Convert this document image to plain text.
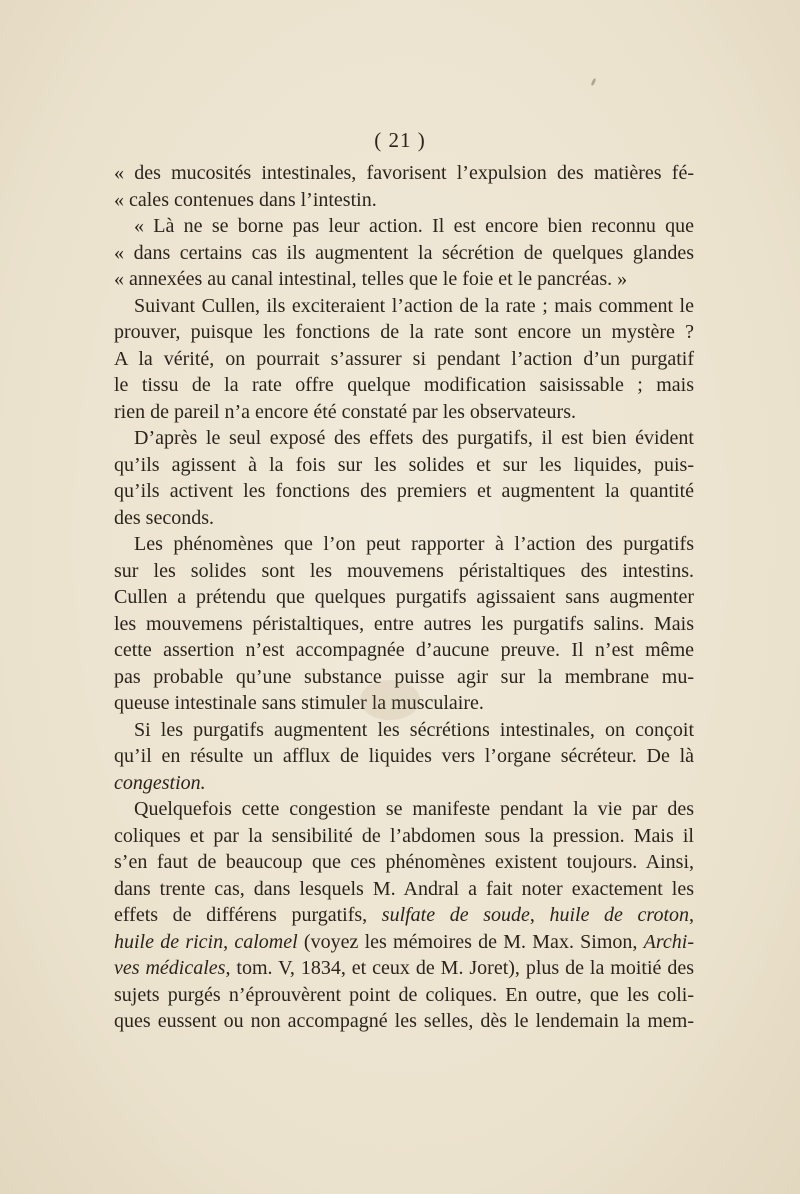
( 21 )
« des mucosités intestinales, favorisent l’expulsion des matières fé-
« cales contenues dans l’intestin.
« Là ne se borne pas leur action. Il est encore bien reconnu que
« dans certains cas ils augmentent la sécrétion de quelques glandes
« annexées au canal intestinal, telles que le foie et le pancréas. »
Suivant Cullen, ils exciteraient l’action de la rate ; mais comment le
prouver, puisque les fonctions de la rate sont encore un mystère ?
A la vérité, on pourrait s’assurer si pendant l’action d’un purgatif
le tissu de la rate offre quelque modification saisissable ; mais
rien de pareil n’a encore été constaté par les observateurs.
D’après le seul exposé des effets des purgatifs, il est bien évident
qu’ils agissent à la fois sur les solides et sur les liquides, puis-
qu’ils activent les fonctions des premiers et augmentent la quantité
des seconds.
Les phénomènes que l’on peut rapporter à l’action des purgatifs
sur les solides sont les mouvemens péristaltiques des intestins.
Cullen a prétendu que quelques purgatifs agissaient sans augmenter
les mouvemens péristaltiques, entre autres les purgatifs salins. Mais
cette assertion n’est accompagnée d’aucune preuve. Il n’est même
pas probable qu’une substance puisse agir sur la membrane mu-
queuse intestinale sans stimuler la musculaire.
Si les purgatifs augmentent les sécrétions intestinales, on conçoit
qu’il en résulte un afflux de liquides vers l’organe sécréteur. De là
congestion.
Quelquefois cette congestion se manifeste pendant la vie par des
coliques et par la sensibilité de l’abdomen sous la pression. Mais il
s’en faut de beaucoup que ces phénomènes existent toujours. Ainsi,
dans trente cas, dans lesquels M. Andral a fait noter exactement les
effets de différens purgatifs, sulfate de soude, huile de croton,
huile de ricin, calomel (voyez les mémoires de M. Max. Simon, Archi-
ves médicales, tom. V, 1834, et ceux de M. Joret), plus de la moitié des
sujets purgés n’éprouvèrent point de coliques. En outre, que les coli-
ques eussent ou non accompagné les selles, dès le lendemain la mem-
